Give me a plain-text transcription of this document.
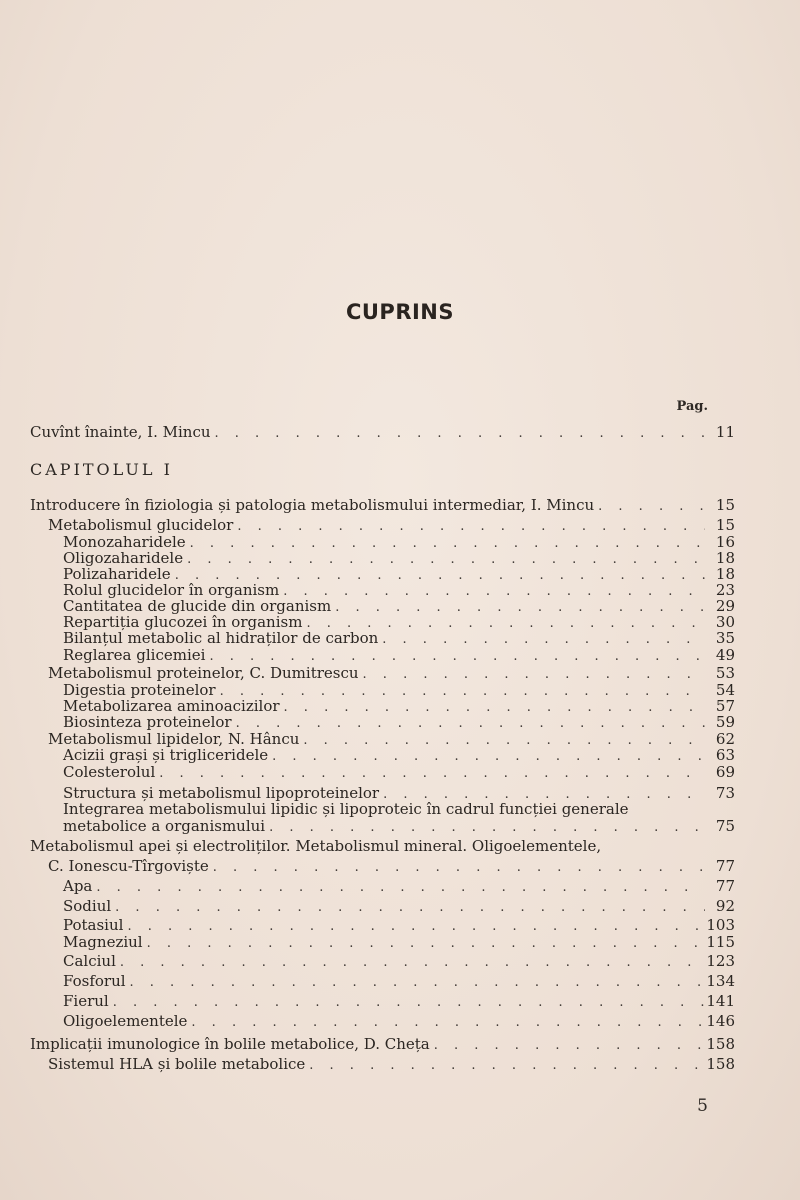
CUPRINS
Pag.
Cuvînt înainte, I. Mincu . . .	11
CAPITOLUL I
Introducere în fiziologia și patologia metabolismului intermediar, I. Mincu . . .	15
Metabolismul glucidelor . . .	15
Monozaharidele . . .	16
Oligozaharidele . . .	18
Polizaharidele . . .	18
Rolul glucidelor în organism . . .	23
Cantitatea de glucide din organism . . .	29
Repartiția glucozei în organism . . .	30
Bilanțul metabolic al hidraților de carbon . . .	35
Reglarea glicemiei . . .	49
Metabolismul proteinelor, C. Dumitrescu . . .	53
Digestia proteinelor . . .	54
Metabolizarea aminoacizilor . . .	57
Biosinteza proteinelor . . .	59
Metabolismul lipidelor, N. Hâncu . . .	62
Acizii grași și trigliceridele . . .	63
Colesterolul . . .	69
Structura și metabolismul lipoproteinelor . . .	73
Integrarea metabolismului lipidic și lipoproteic în cadrul funcției generale
metabolice a organismului . . .	75
Metabolismul apei și electroliților. Metabolismul mineral. Oligoelementele,
C. Ionescu-Tîrgoviște . . .	77
Apa . . .	77
Sodiul . . .	92
Potasiul . . .	103
Magneziul . . .	115
Calciul . . .	123
Fosforul . . .	134
Fierul . . .	141
Oligoelementele . . .	146
Implicații imunologice în bolile metabolice, D. Cheța . . .	158
Sistemul HLA și bolile metabolice . . .	158
5
